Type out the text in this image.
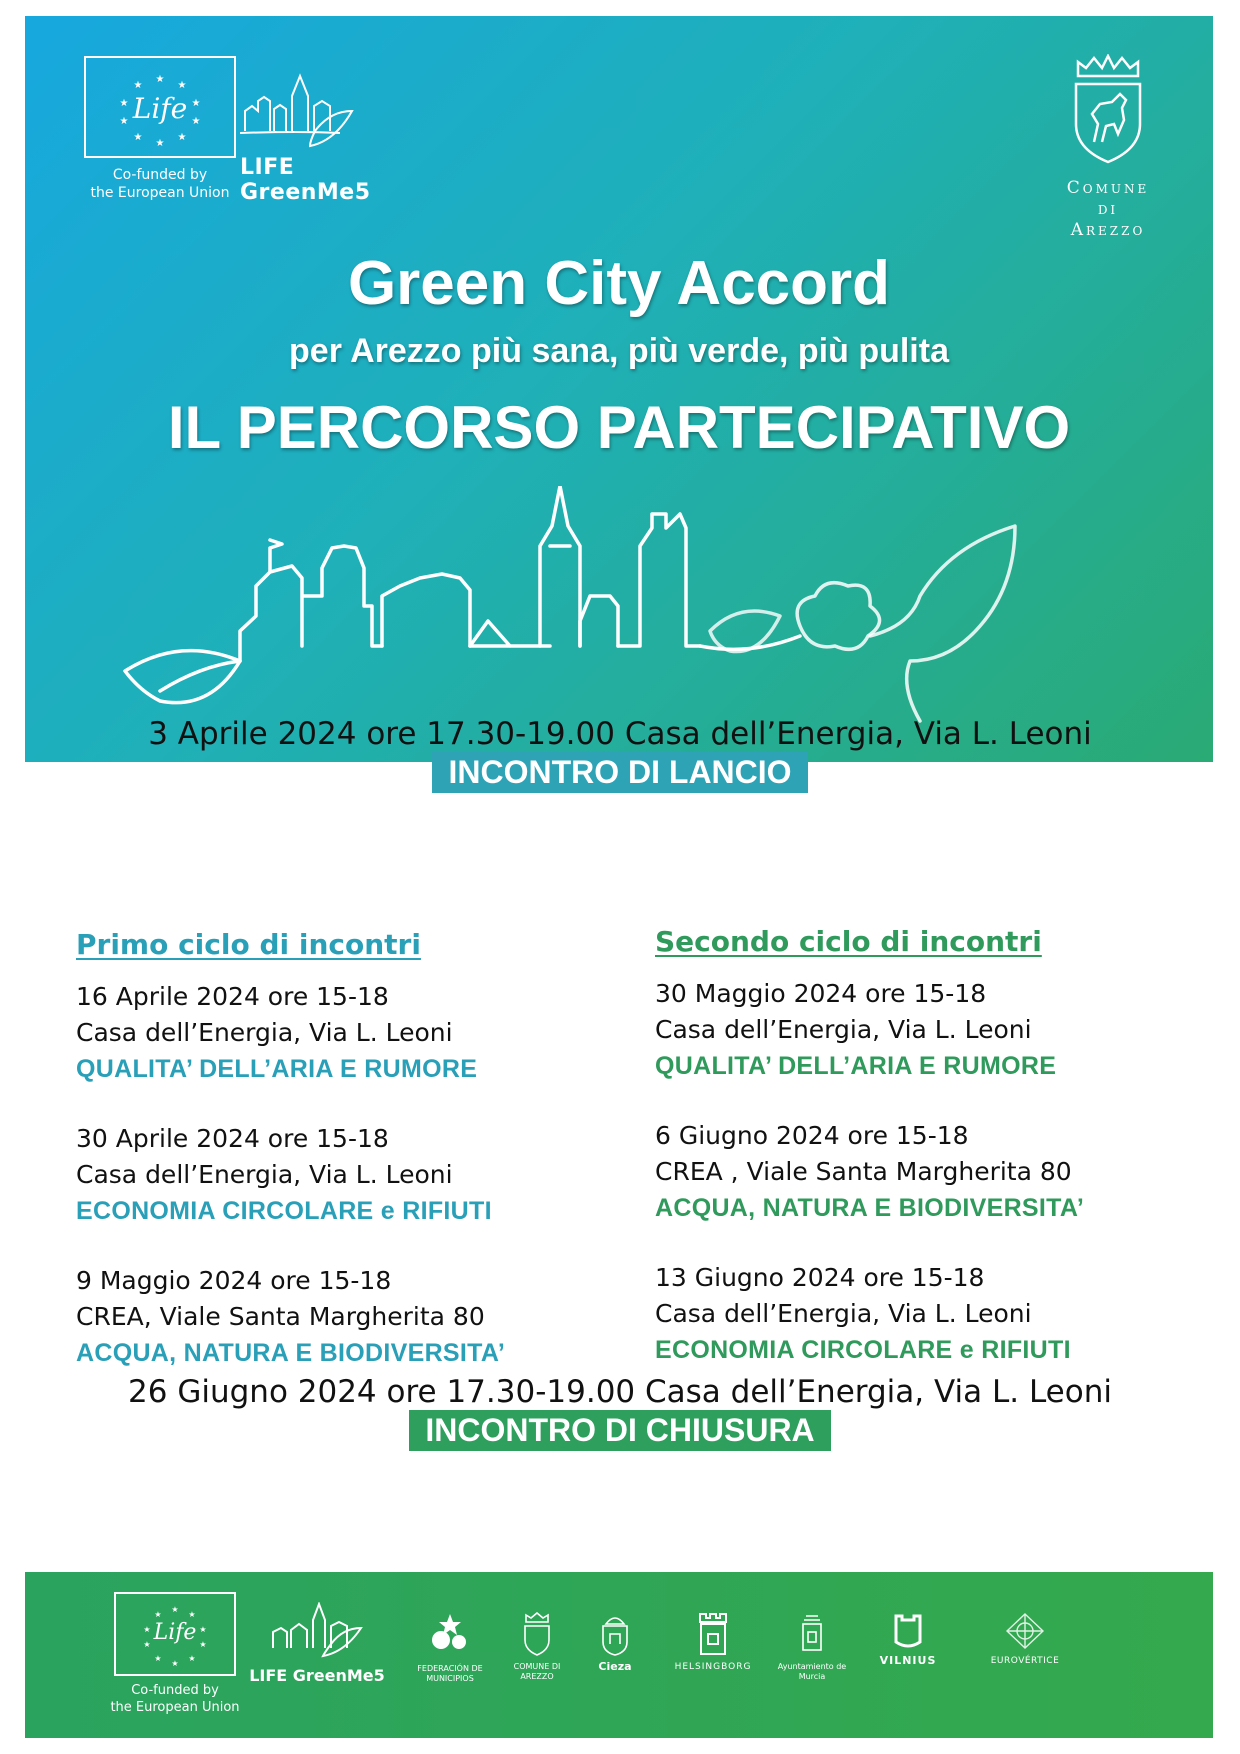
★
★
★
★
★
★
★
★
★
★
Life
Co-funded by
the European Union
LIFE
GreenMe5	Comune
di
Arezzo
Green City Accord
per Arezzo più sana, più verde, più pulita
IL PERCORSO PARTECIPATIVO
3 Aprile 2024 ore 17.30-19.00 Casa dell’Energia, Via L. Leoni
INCONTRO DI LANCIO
Primo ciclo di incontri
16 Aprile 2024 ore 15-18
Casa dell’Energia, Via L. Leoni
QUALITA’ DELL’ARIA E RUMORE
30 Aprile 2024 ore 15-18
Casa dell’Energia, Via L. Leoni
ECONOMIA CIRCOLARE e RIFIUTI
9 Maggio 2024 ore 15-18
CREA, Viale Santa Margherita 80
ACQUA, NATURA E BIODIVERSITA’
Secondo ciclo di incontri
30 Maggio 2024 ore 15-18
Casa dell’Energia, Via L. Leoni
QUALITA’ DELL’ARIA E RUMORE
6 Giugno 2024 ore 15-18
CREA , Viale Santa Margherita 80
ACQUA, NATURA E BIODIVERSITA’
13 Giugno 2024 ore 15-18
Casa dell’Energia, Via L. Leoni
ECONOMIA CIRCOLARE e RIFIUTI
26 Giugno 2024 ore 17.30-19.00 Casa dell’Energia, Via L. Leoni
INCONTRO DI CHIUSURA
★
★
★
★
★
★
★
★
★
★
Life
Co-funded by
the European Union
LIFE GreenMe5	FEDERACIÓN DE MUNICIPIOS
COMUNE DI AREZZO
Cieza	HELSINGBORG	Ayuntamiento de Murcia
VILNIUS	EUROVÉRTICE
